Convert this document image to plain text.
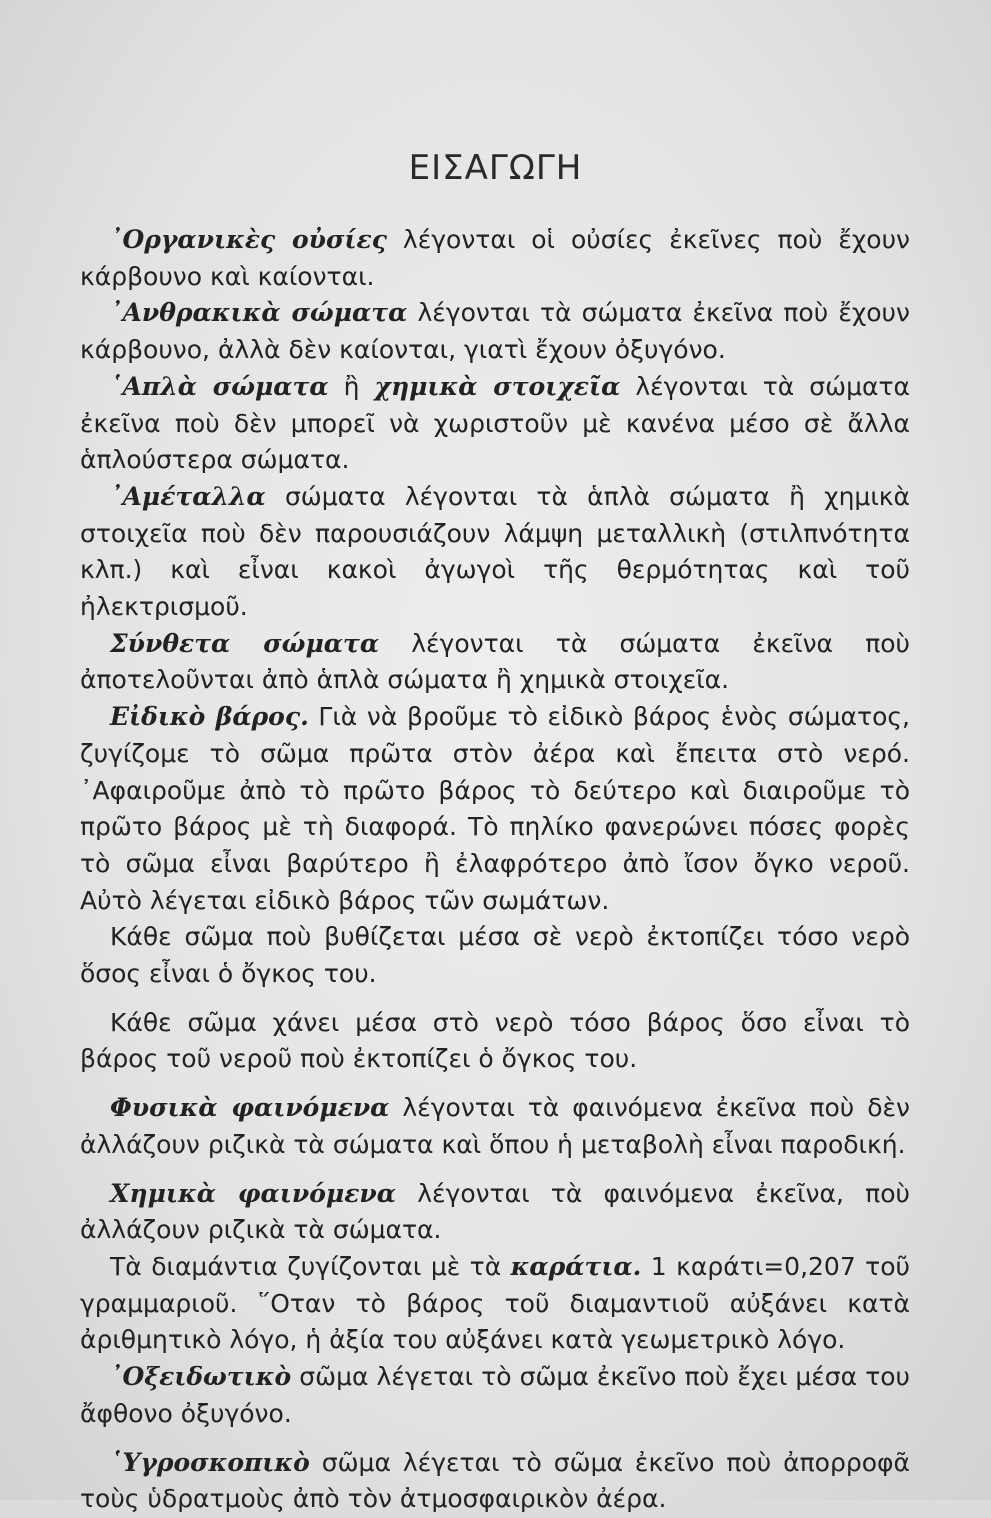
ΕΙΣΑΓΩΓΗ

᾿Οργανικὲς οὐσίες λέγονται οἱ οὐσίες ἐκεῖνες ποὺ ἔχουν κάρβουνο καὶ καίονται.

᾿Ανθρακικὰ σώματα λέγονται τὰ σώματα ἐκεῖνα ποὺ ἔχουν κάρβουνο, ἀλλὰ δὲν καίονται, γιατὶ ἔχουν ὀξυγόνο.

῾Απλὰ σώματα ἢ χημικὰ στοιχεῖα λέγονται τὰ σώματα ἐκεῖνα ποὺ δὲν μπορεῖ νὰ χωριστοῦν μὲ κανένα μέσο σὲ ἄλλα ἁπλούστερα σώματα.

᾿Αμέταλλα σώματα λέγονται τὰ ἁπλὰ σώματα ἢ χημικὰ στοιχεῖα ποὺ δὲν παρουσιάζουν λάμψη μεταλλικὴ (στιλπνότητα κλπ.) καὶ εἶναι κακοὶ ἀγωγοὶ τῆς θερμότητας καὶ τοῦ ἠλεκτρισμοῦ.

Σύνθετα σώματα λέγονται τὰ σώματα ἐκεῖνα ποὺ ἀποτελοῦνται ἀπὸ ἁπλὰ σώματα ἢ χημικὰ στοιχεῖα.

Εἰδικὸ βάρος. Γιὰ νὰ βροῦμε τὸ εἰδικὸ βάρος ἑνὸς σώματος, ζυγίζομε τὸ σῶμα πρῶτα στὸν ἀέρα καὶ ἔπειτα στὸ νερό. ᾿Αφαιροῦμε ἀπὸ τὸ πρῶτο βάρος τὸ δεύτερο καὶ διαιροῦμε τὸ πρῶτο βάρος μὲ τὴ διαφορά. Τὸ πηλίκο φανερώνει πόσες φορὲς τὸ σῶμα εἶναι βαρύτερο ἢ ἐλαφρότερο ἀπὸ ἴσον ὄγκο νεροῦ. Αὐτὸ λέγεται εἰδικὸ βάρος τῶν σωμάτων.

Κάθε σῶμα ποὺ βυθίζεται μέσα σὲ νερὸ ἐκτοπίζει τόσο νερὸ ὅσος εἶναι ὁ ὄγκος του.

Κάθε σῶμα χάνει μέσα στὸ νερὸ τόσο βάρος ὅσο εἶναι τὸ βάρος τοῦ νεροῦ ποὺ ἐκτοπίζει ὁ ὄγκος του.

Φυσικὰ φαινόμενα λέγονται τὰ φαινόμενα ἐκεῖνα ποὺ δὲν ἀλλάζουν ριζικὰ τὰ σώματα καὶ ὅπου ἡ μεταβολὴ εἶναι παροδική.

Χημικὰ φαινόμενα λέγονται τὰ φαινόμενα ἐκεῖνα, ποὺ ἀλλάζουν ριζικὰ τὰ σώματα.

Τὰ διαμάντια ζυγίζονται μὲ τὰ καράτια. 1 καράτι=0,207 τοῦ γραμμαριοῦ. ῞Οταν τὸ βάρος τοῦ διαμαντιοῦ αὐξάνει κατὰ ἀριθμητικὸ λόγο, ἡ ἀξία του αὐξάνει κατὰ γεωμετρικὸ λόγο.

᾿Οξειδωτικὸ σῶμα λέγεται τὸ σῶμα ἐκεῖνο ποὺ ἔχει μέσα του ἄφθονο ὀξυγόνο.

῾Υγροσκοπικὸ σῶμα λέγεται τὸ σῶμα ἐκεῖνο ποὺ ἀπορροφᾶ τοὺς ὑδρατμοὺς ἀπὸ τὸν ἀτμοσφαιρικὸν ἀέρα.
